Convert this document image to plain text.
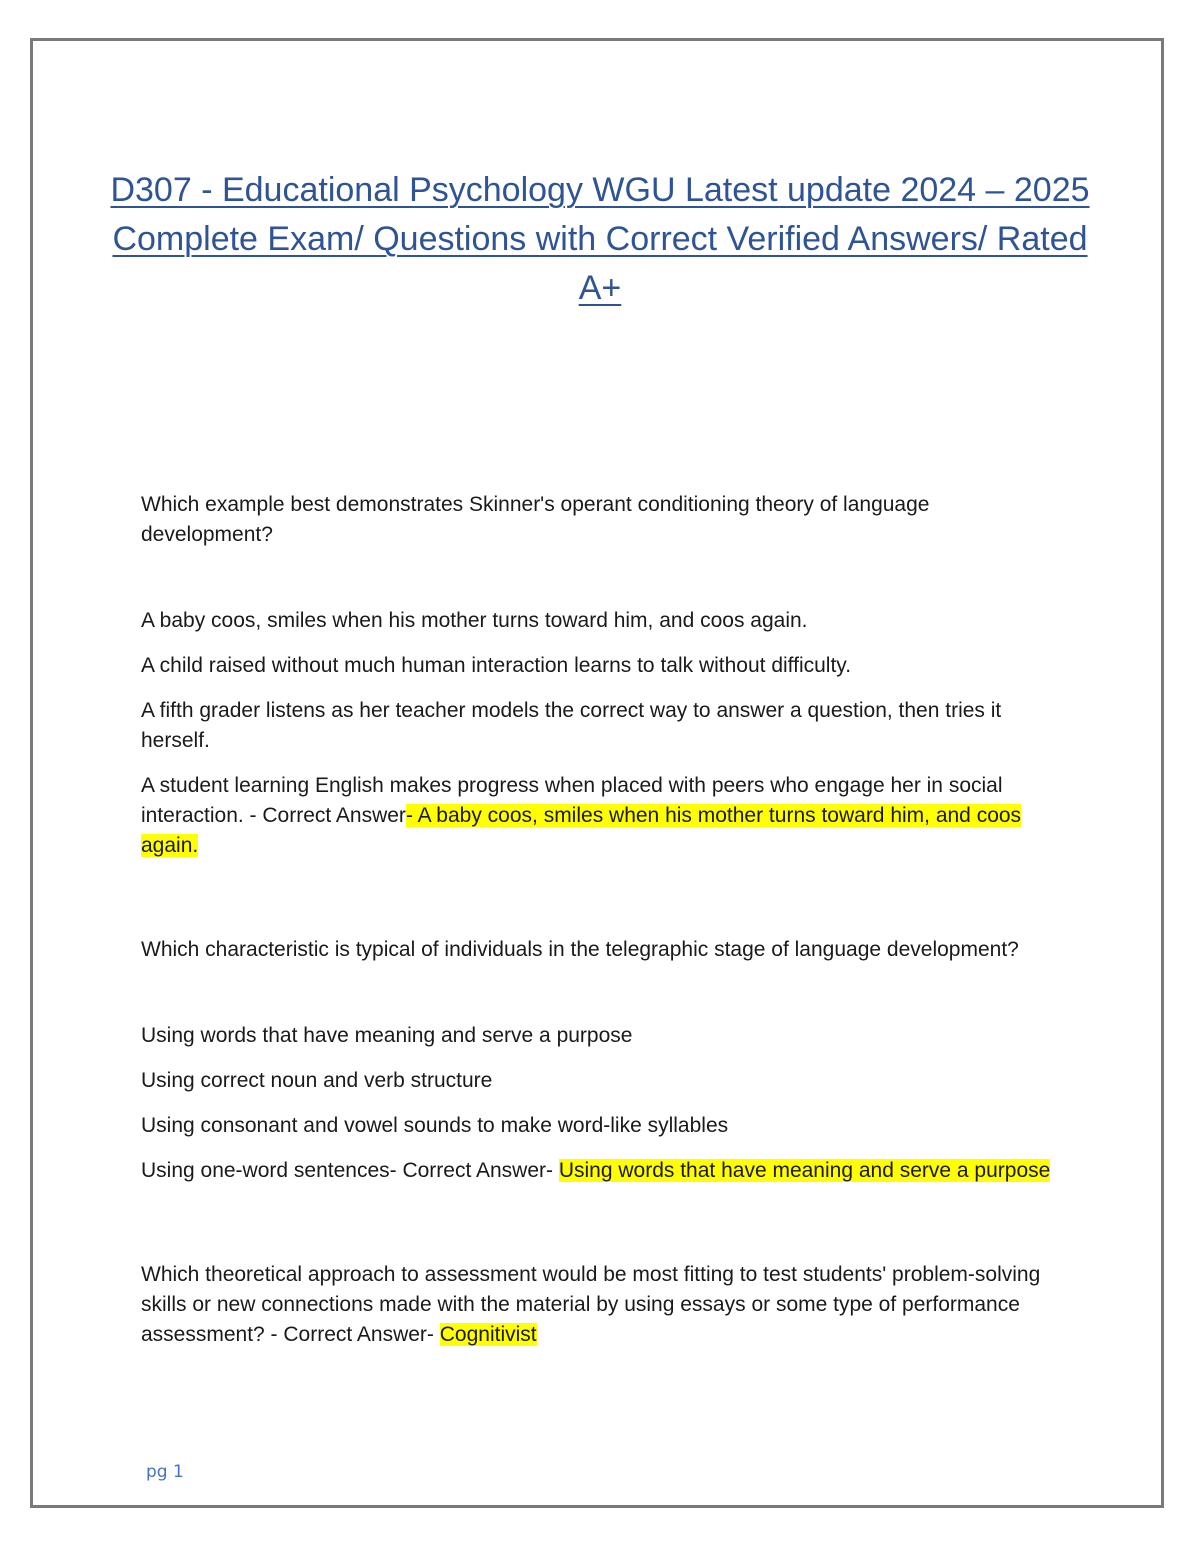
D307 - Educational Psychology WGU Latest update 2024 – 2025 Complete Exam/ Questions with Correct Verified Answers/ Rated A+

Which example best demonstrates Skinner's operant conditioning theory of language development?

A baby coos, smiles when his mother turns toward him, and coos again.

A child raised without much human interaction learns to talk without difficulty.

A fifth grader listens as her teacher models the correct way to answer a question, then tries it herself.

A student learning English makes progress when placed with peers who engage her in social interaction. - Correct Answer- A baby coos, smiles when his mother turns toward him, and coos again.

Which characteristic is typical of individuals in the telegraphic stage of language development?

Using words that have meaning and serve a purpose

Using correct noun and verb structure

Using consonant and vowel sounds to make word-like syllables

Using one-word sentences- Correct Answer- Using words that have meaning and serve a purpose

Which theoretical approach to assessment would be most fitting to test students' problem-solving skills or new connections made with the material by using essays or some type of performance assessment? - Correct Answer- Cognitivist

pg 1
